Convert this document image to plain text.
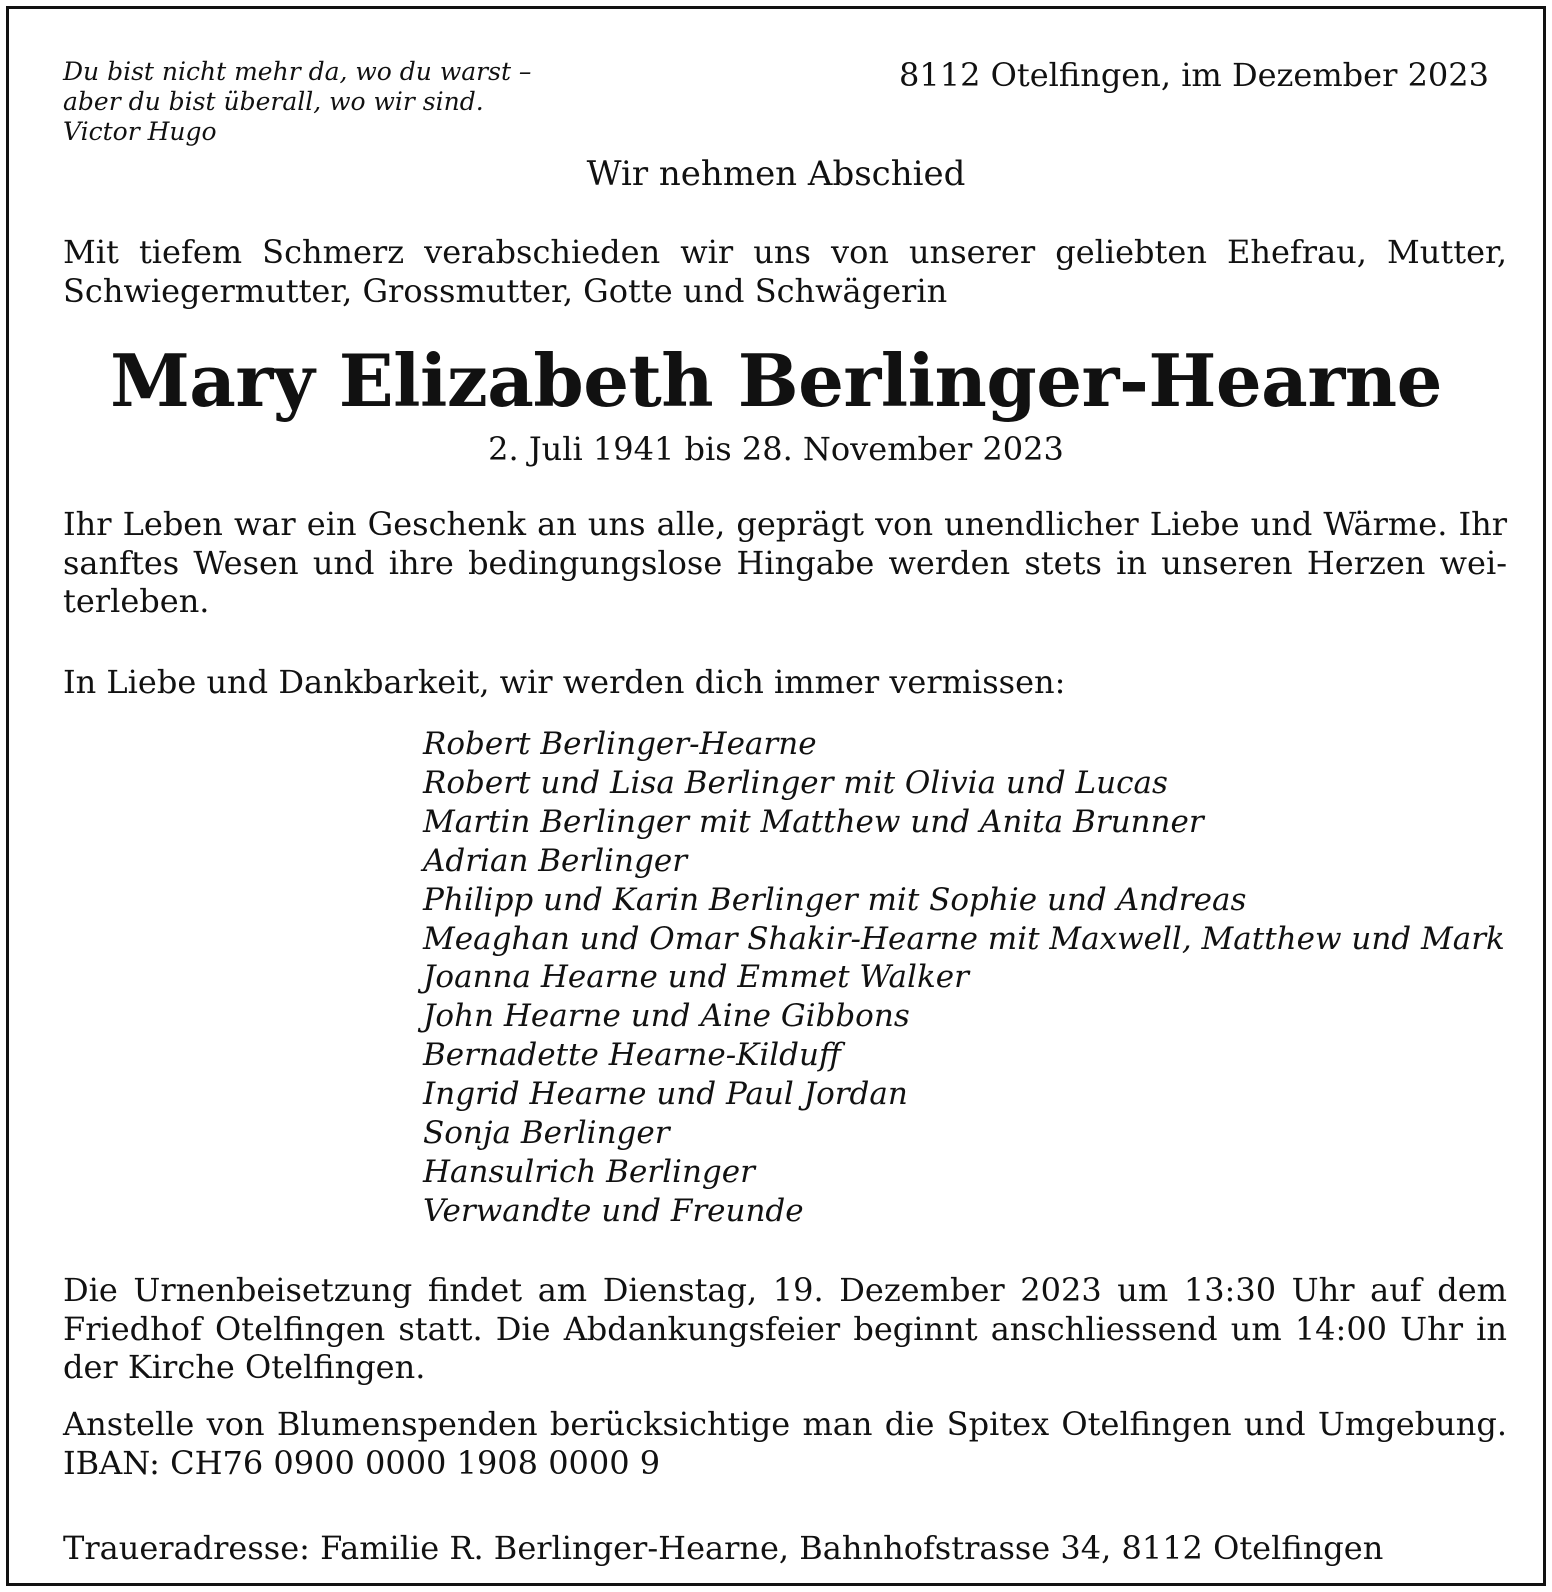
Du bist nicht mehr da, wo du warst –
aber du bist überall, wo wir sind.
Victor Hugo
8112 Otelfingen, im Dezember 2023
Wir nehmen Abschied
Mit tiefem Schmerz verabschieden wir uns von unserer geliebten Ehefrau, Mutter, Schwiegermutter, Grossmutter, Gotte und Schwägerin
Mary Elizabeth Berlinger-Hearne
2. Juli 1941 bis 28. November 2023
Ihr Leben war ein Geschenk an uns alle, geprägt von unendlicher Liebe und Wärme. Ihr sanftes Wesen und ihre bedingungslose Hingabe werden stets in unseren Herzen weiterleben.
In Liebe und Dankbarkeit, wir werden dich immer vermissen:
Robert Berlinger-Hearne
Robert und Lisa Berlinger mit Olivia und Lucas
Martin Berlinger mit Matthew und Anita Brunner
Adrian Berlinger
Philipp und Karin Berlinger mit Sophie und Andreas
Meaghan und Omar Shakir-Hearne mit Maxwell, Matthew und Mark
Joanna Hearne und Emmet Walker
John Hearne und Aine Gibbons
Bernadette Hearne-Kilduff
Ingrid Hearne und Paul Jordan
Sonja Berlinger
Hansulrich Berlinger
Verwandte und Freunde
Die Urnenbeisetzung findet am Dienstag, 19. Dezember 2023 um 13:30 Uhr auf dem Friedhof Otelfingen statt. Die Abdankungsfeier beginnt anschliessend um 14:00 Uhr in der Kirche Otelfingen.
Anstelle von Blumenspenden berücksichtige man die Spitex Otelfingen und Umgebung. IBAN: CH76 0900 0000 1908 0000 9
Traueradresse: Familie R. Berlinger-Hearne, Bahnhofstrasse 34, 8112 Otelfingen
